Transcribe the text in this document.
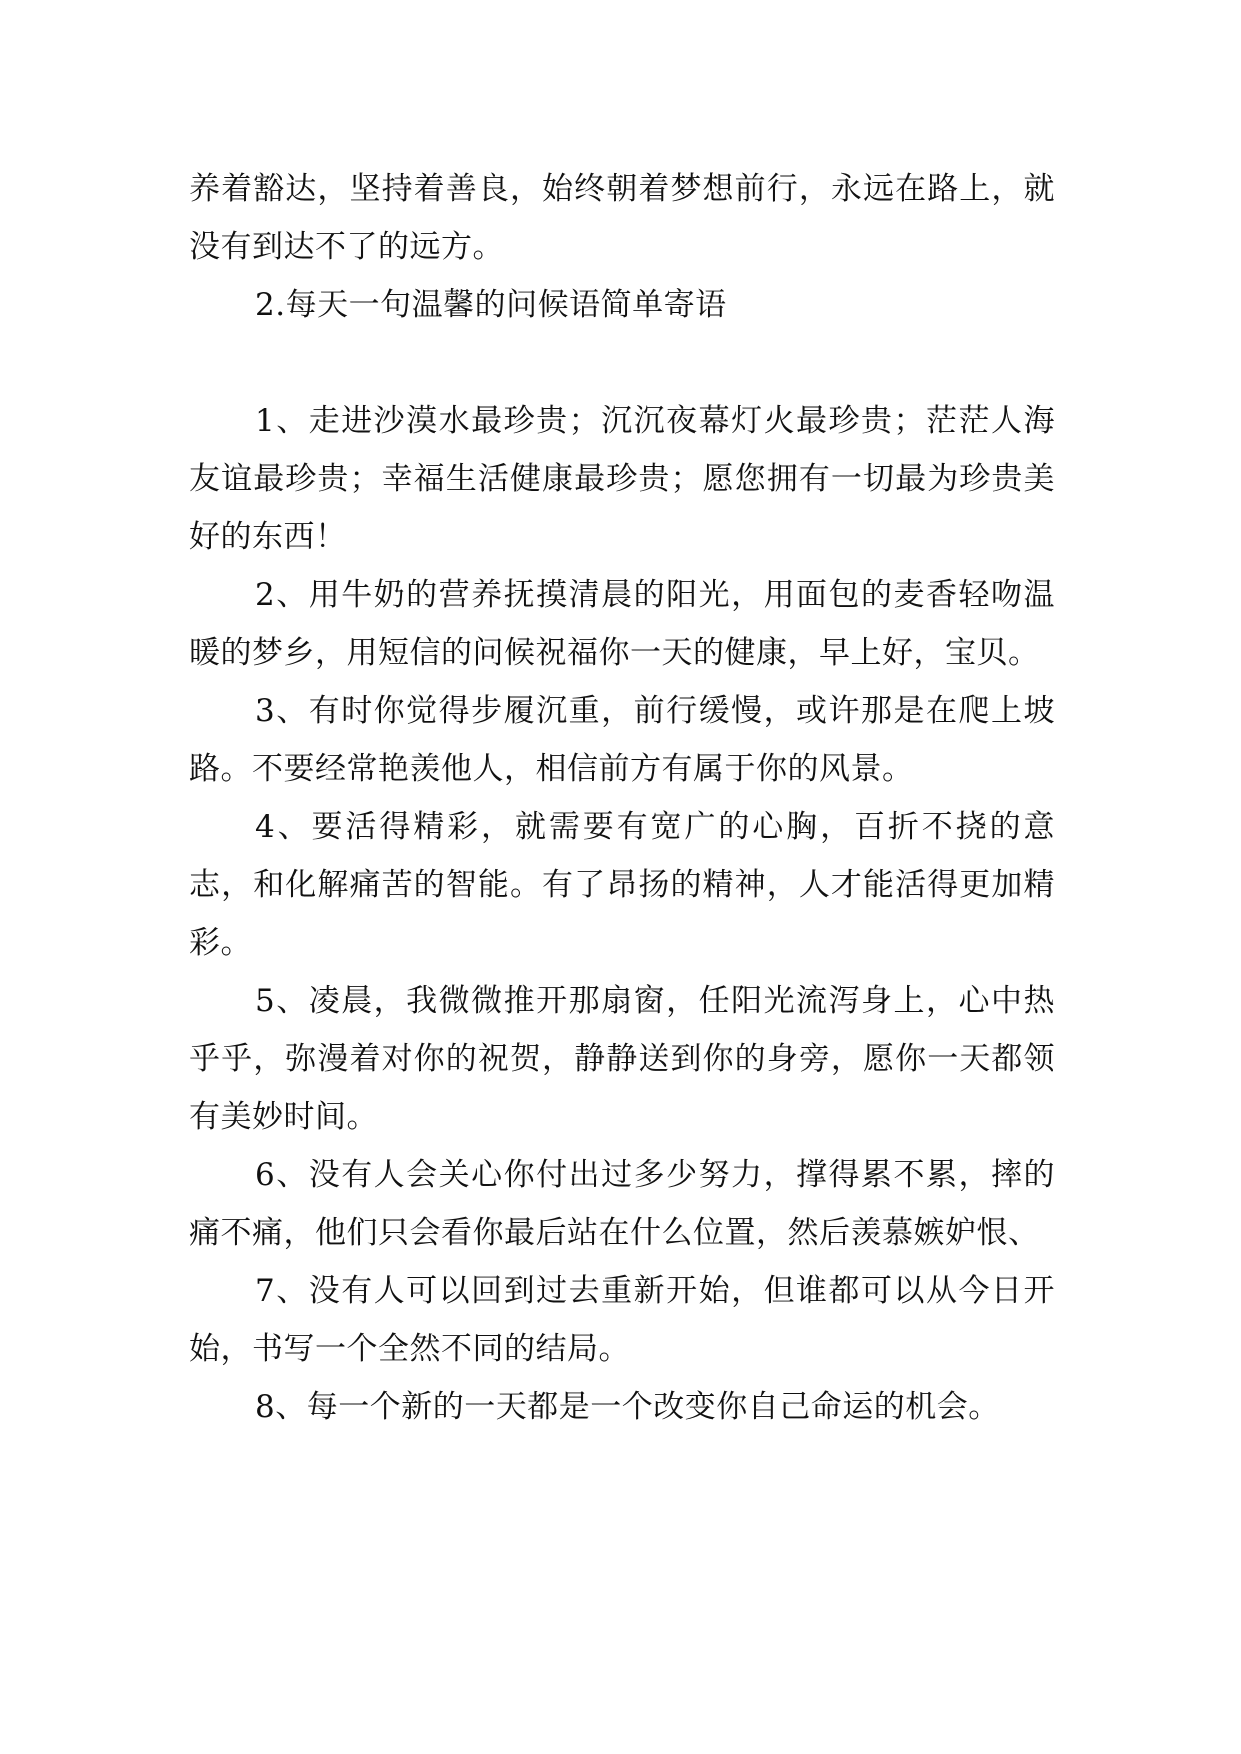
养着豁达，坚持着善良，始终朝着梦想前行，永远在路上，就没有到达不了的远方。

2.每天一句温馨的问候语简单寄语

1、走进沙漠水最珍贵；沉沉夜幕灯火最珍贵；茫茫人海友谊最珍贵；幸福生活健康最珍贵；愿您拥有一切最为珍贵美好的东西！

2、用牛奶的营养抚摸清晨的阳光，用面包的麦香轻吻温暖的梦乡，用短信的问候祝福你一天的健康，早上好，宝贝。

3、有时你觉得步履沉重，前行缓慢，或许那是在爬上坡路。不要经常艳羡他人，相信前方有属于你的风景。

4、要活得精彩，就需要有宽广的心胸，百折不挠的意志，和化解痛苦的智能。有了昂扬的精神，人才能活得更加精彩。

5、凌晨，我微微推开那扇窗，任阳光流泻身上，心中热乎乎，弥漫着对你的祝贺，静静送到你的身旁，愿你一天都领有美妙时间。

6、没有人会关心你付出过多少努力，撑得累不累，摔的痛不痛，他们只会看你最后站在什么位置，然后羡慕嫉妒恨、

7、没有人可以回到过去重新开始，但谁都可以从今日开始，书写一个全然不同的结局。

8、每一个新的一天都是一个改变你自己命运的机会。
